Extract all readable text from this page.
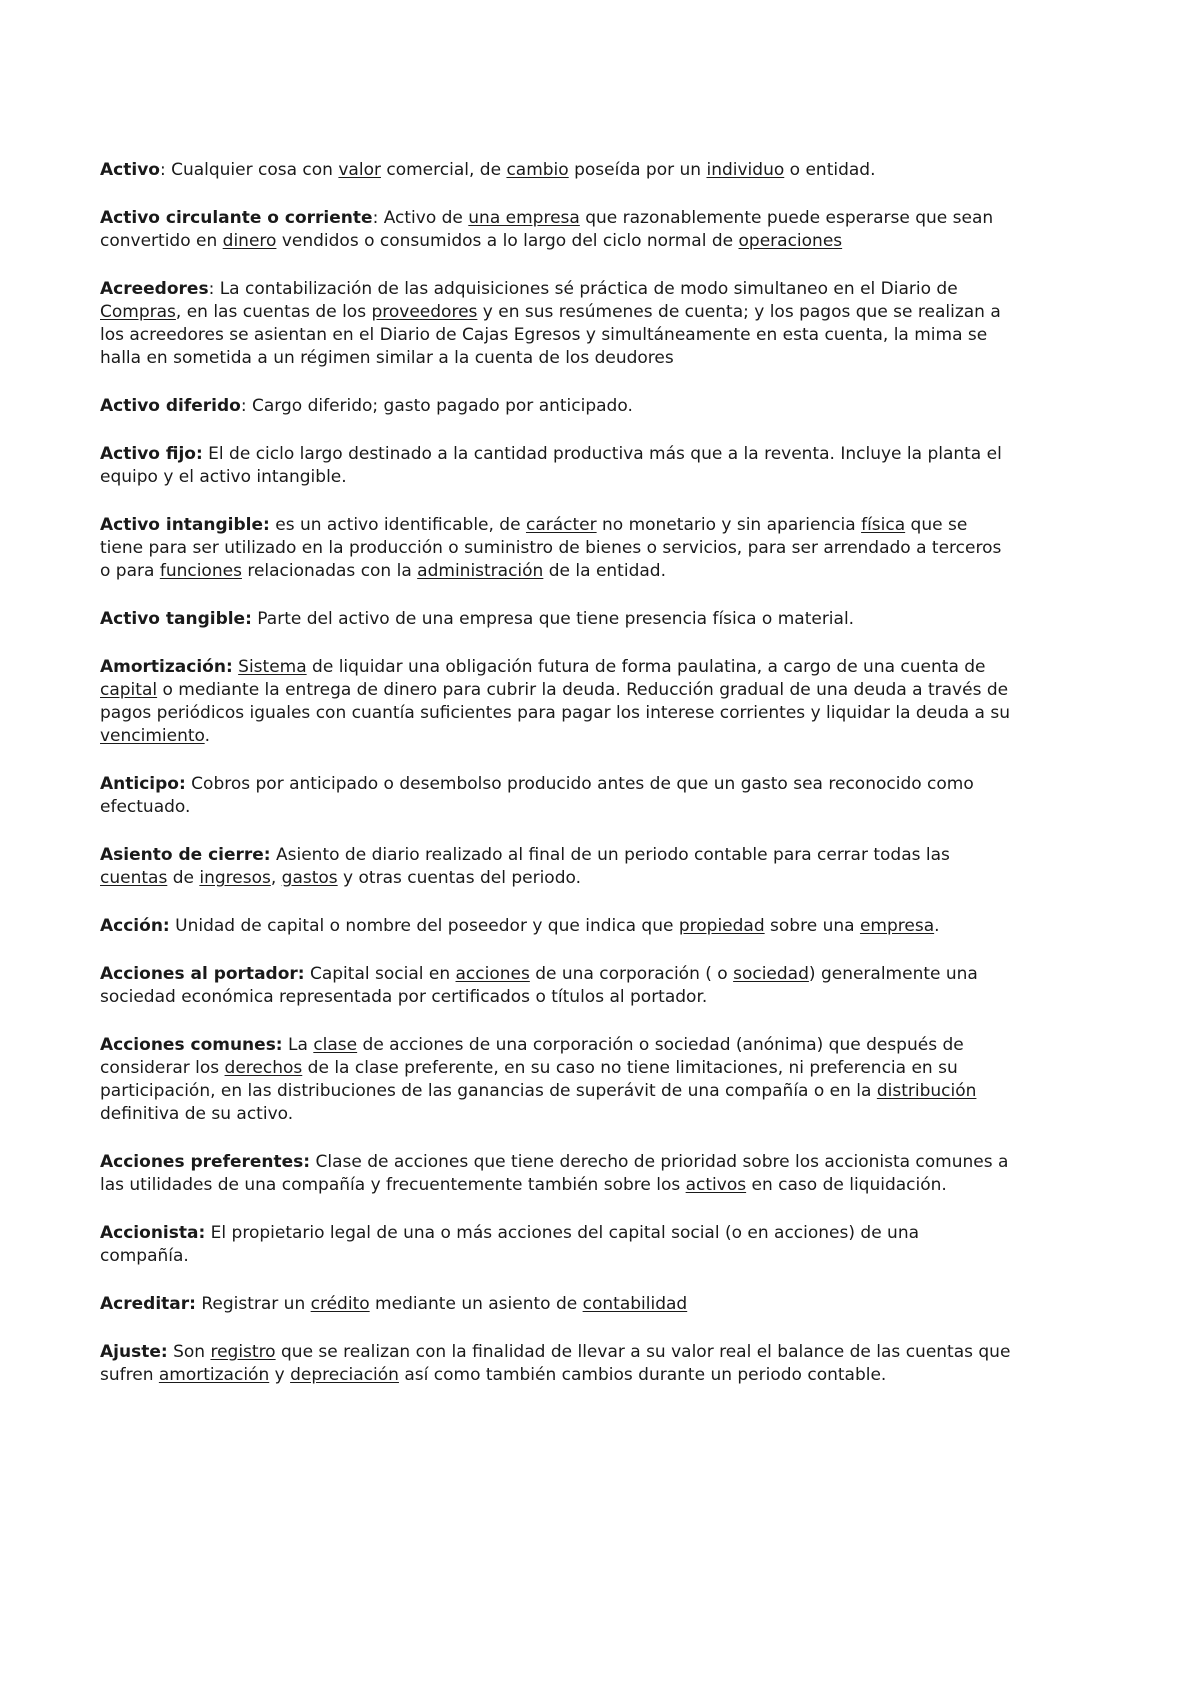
Activo: Cualquier cosa con valor comercial, de cambio poseída por un individuo o entidad.

Activo circulante o corriente: Activo de una empresa que razonablemente puede esperarse que sean convertido en dinero vendidos o consumidos a lo largo del ciclo normal de operaciones

Acreedores: La contabilización de las adquisiciones sé práctica de modo simultaneo en el Diario de Compras, en las cuentas de los proveedores y en sus resúmenes de cuenta; y los pagos que se realizan a los acreedores se asientan en el Diario de Cajas Egresos y simultáneamente en esta cuenta, la mima se halla en sometida a un régimen similar a la cuenta de los deudores

Activo diferido: Cargo diferido; gasto pagado por anticipado.

Activo fijo: El de ciclo largo destinado a la cantidad productiva más que a la reventa. Incluye la planta el equipo y el activo intangible.

Activo intangible: es un activo identificable, de carácter no monetario y sin apariencia física que se tiene para ser utilizado en la producción o suministro de bienes o servicios, para ser arrendado a terceros o para funciones relacionadas con la administración de la entidad.

Activo tangible: Parte del activo de una empresa que tiene presencia física o material.

Amortización: Sistema de liquidar una obligación futura de forma paulatina, a cargo de una cuenta de capital o mediante la entrega de dinero para cubrir la deuda. Reducción gradual de una deuda a través de pagos periódicos iguales con cuantía suficientes para pagar los interese corrientes y liquidar la deuda a su vencimiento.

Anticipo: Cobros por anticipado o desembolso producido antes de que un gasto sea reconocido como efectuado.

Asiento de cierre: Asiento de diario realizado al final de un periodo contable para cerrar todas las cuentas de ingresos, gastos y otras cuentas del periodo.

Acción: Unidad de capital o nombre del poseedor y que indica que propiedad sobre una empresa.

Acciones al portador: Capital social en acciones de una corporación ( o sociedad) generalmente una sociedad económica representada por certificados o títulos al portador.

Acciones comunes: La clase de acciones de una corporación o sociedad (anónima) que después de considerar los derechos de la clase preferente, en su caso no tiene limitaciones, ni preferencia en su participación, en las distribuciones de las ganancias de superávit de una compañía o en la distribución definitiva de su activo.

Acciones preferentes: Clase de acciones que tiene derecho de prioridad sobre los accionista comunes a las utilidades de una compañía y frecuentemente también sobre los activos en caso de liquidación.

Accionista: El propietario legal de una o más acciones del capital social (o en acciones) de una compañía.

Acreditar: Registrar un crédito mediante un asiento de contabilidad

Ajuste: Son registro que se realizan con la finalidad de llevar a su valor real el balance de las cuentas que sufren amortización y depreciación así como también cambios durante un periodo contable.
